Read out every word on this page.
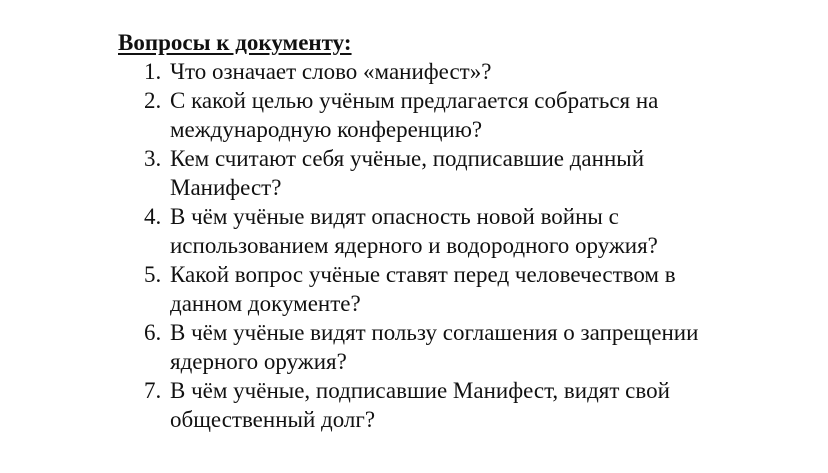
Вопросы к документу:
1. Что означает слово «манифест»?
2. С какой целью учёным предлагается собраться на
международную конференцию?
3. Кем считают себя учёные, подписавшие данный
Манифест?
4. В чём учёные видят опасность новой войны с
использованием ядерного и водородного оружия?
5. Какой вопрос учёные ставят перед человечеством в
данном документе?
6. В чём учёные видят пользу соглашения о запрещении
ядерного оружия?
7. В чём учёные, подписавшие Манифест, видят свой
общественный долг?
